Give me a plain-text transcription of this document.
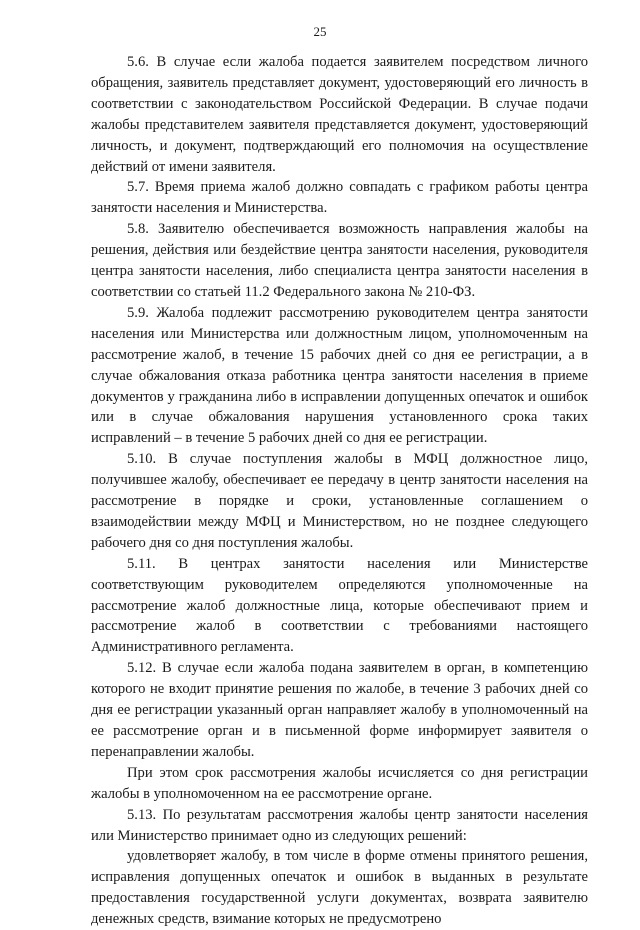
25

5.6. В случае если жалоба подается заявителем посредством личного обращения, заявитель представляет документ, удостоверяющий его личность в соответствии с законодательством Российской Федерации. В случае подачи жалобы представителем заявителя представляется документ, удостоверяющий личность, и документ, подтверждающий его полномочия на осуществление действий от имени заявителя.

5.7. Время приема жалоб должно совпадать с графиком работы центра занятости населения и Министерства.

5.8. Заявителю обеспечивается возможность направления жалобы на решения, действия или бездействие центра занятости населения, руководителя центра занятости населения, либо специалиста центра занятости населения в соответствии со статьей 11.2 Федерального закона № 210-ФЗ.

5.9. Жалоба подлежит рассмотрению руководителем центра занятости населения или Министерства или должностным лицом, уполномоченным на рассмотрение жалоб, в течение 15 рабочих дней со дня ее регистрации, а в случае обжалования отказа работника центра занятости населения в приеме документов у гражданина либо в исправлении допущенных опечаток и ошибок или в случае обжалования нарушения установленного срока таких исправлений – в течение 5 рабочих дней со дня ее регистрации.

5.10. В случае поступления жалобы в МФЦ должностное лицо, получившее жалобу, обеспечивает ее передачу в центр занятости населения на рассмотрение в порядке и сроки, установленные соглашением о взаимодействии между МФЦ и Министерством, но не позднее следующего рабочего дня со дня поступления жалобы.

5.11. В центрах занятости населения или Министерстве соответствующим руководителем определяются уполномоченные на рассмотрение жалоб должностные лица, которые обеспечивают прием и рассмотрение жалоб в соответствии с требованиями настоящего Административного регламента.

5.12. В случае если жалоба подана заявителем в орган, в компетенцию которого не входит принятие решения по жалобе, в течение 3 рабочих дней со дня ее регистрации указанный орган направляет жалобу в уполномоченный на ее рассмотрение орган и в письменной форме информирует заявителя о перенаправлении жалобы.

При этом срок рассмотрения жалобы исчисляется со дня регистрации жалобы в уполномоченном на ее рассмотрение органе.

5.13. По результатам рассмотрения жалобы центр занятости населения или Министерство принимает одно из следующих решений:

удовлетворяет жалобу, в том числе в форме отмены принятого решения, исправления допущенных опечаток и ошибок в выданных в результате предоставления государственной услуги документах, возврата заявителю денежных средств, взимание которых не предусмотрено
